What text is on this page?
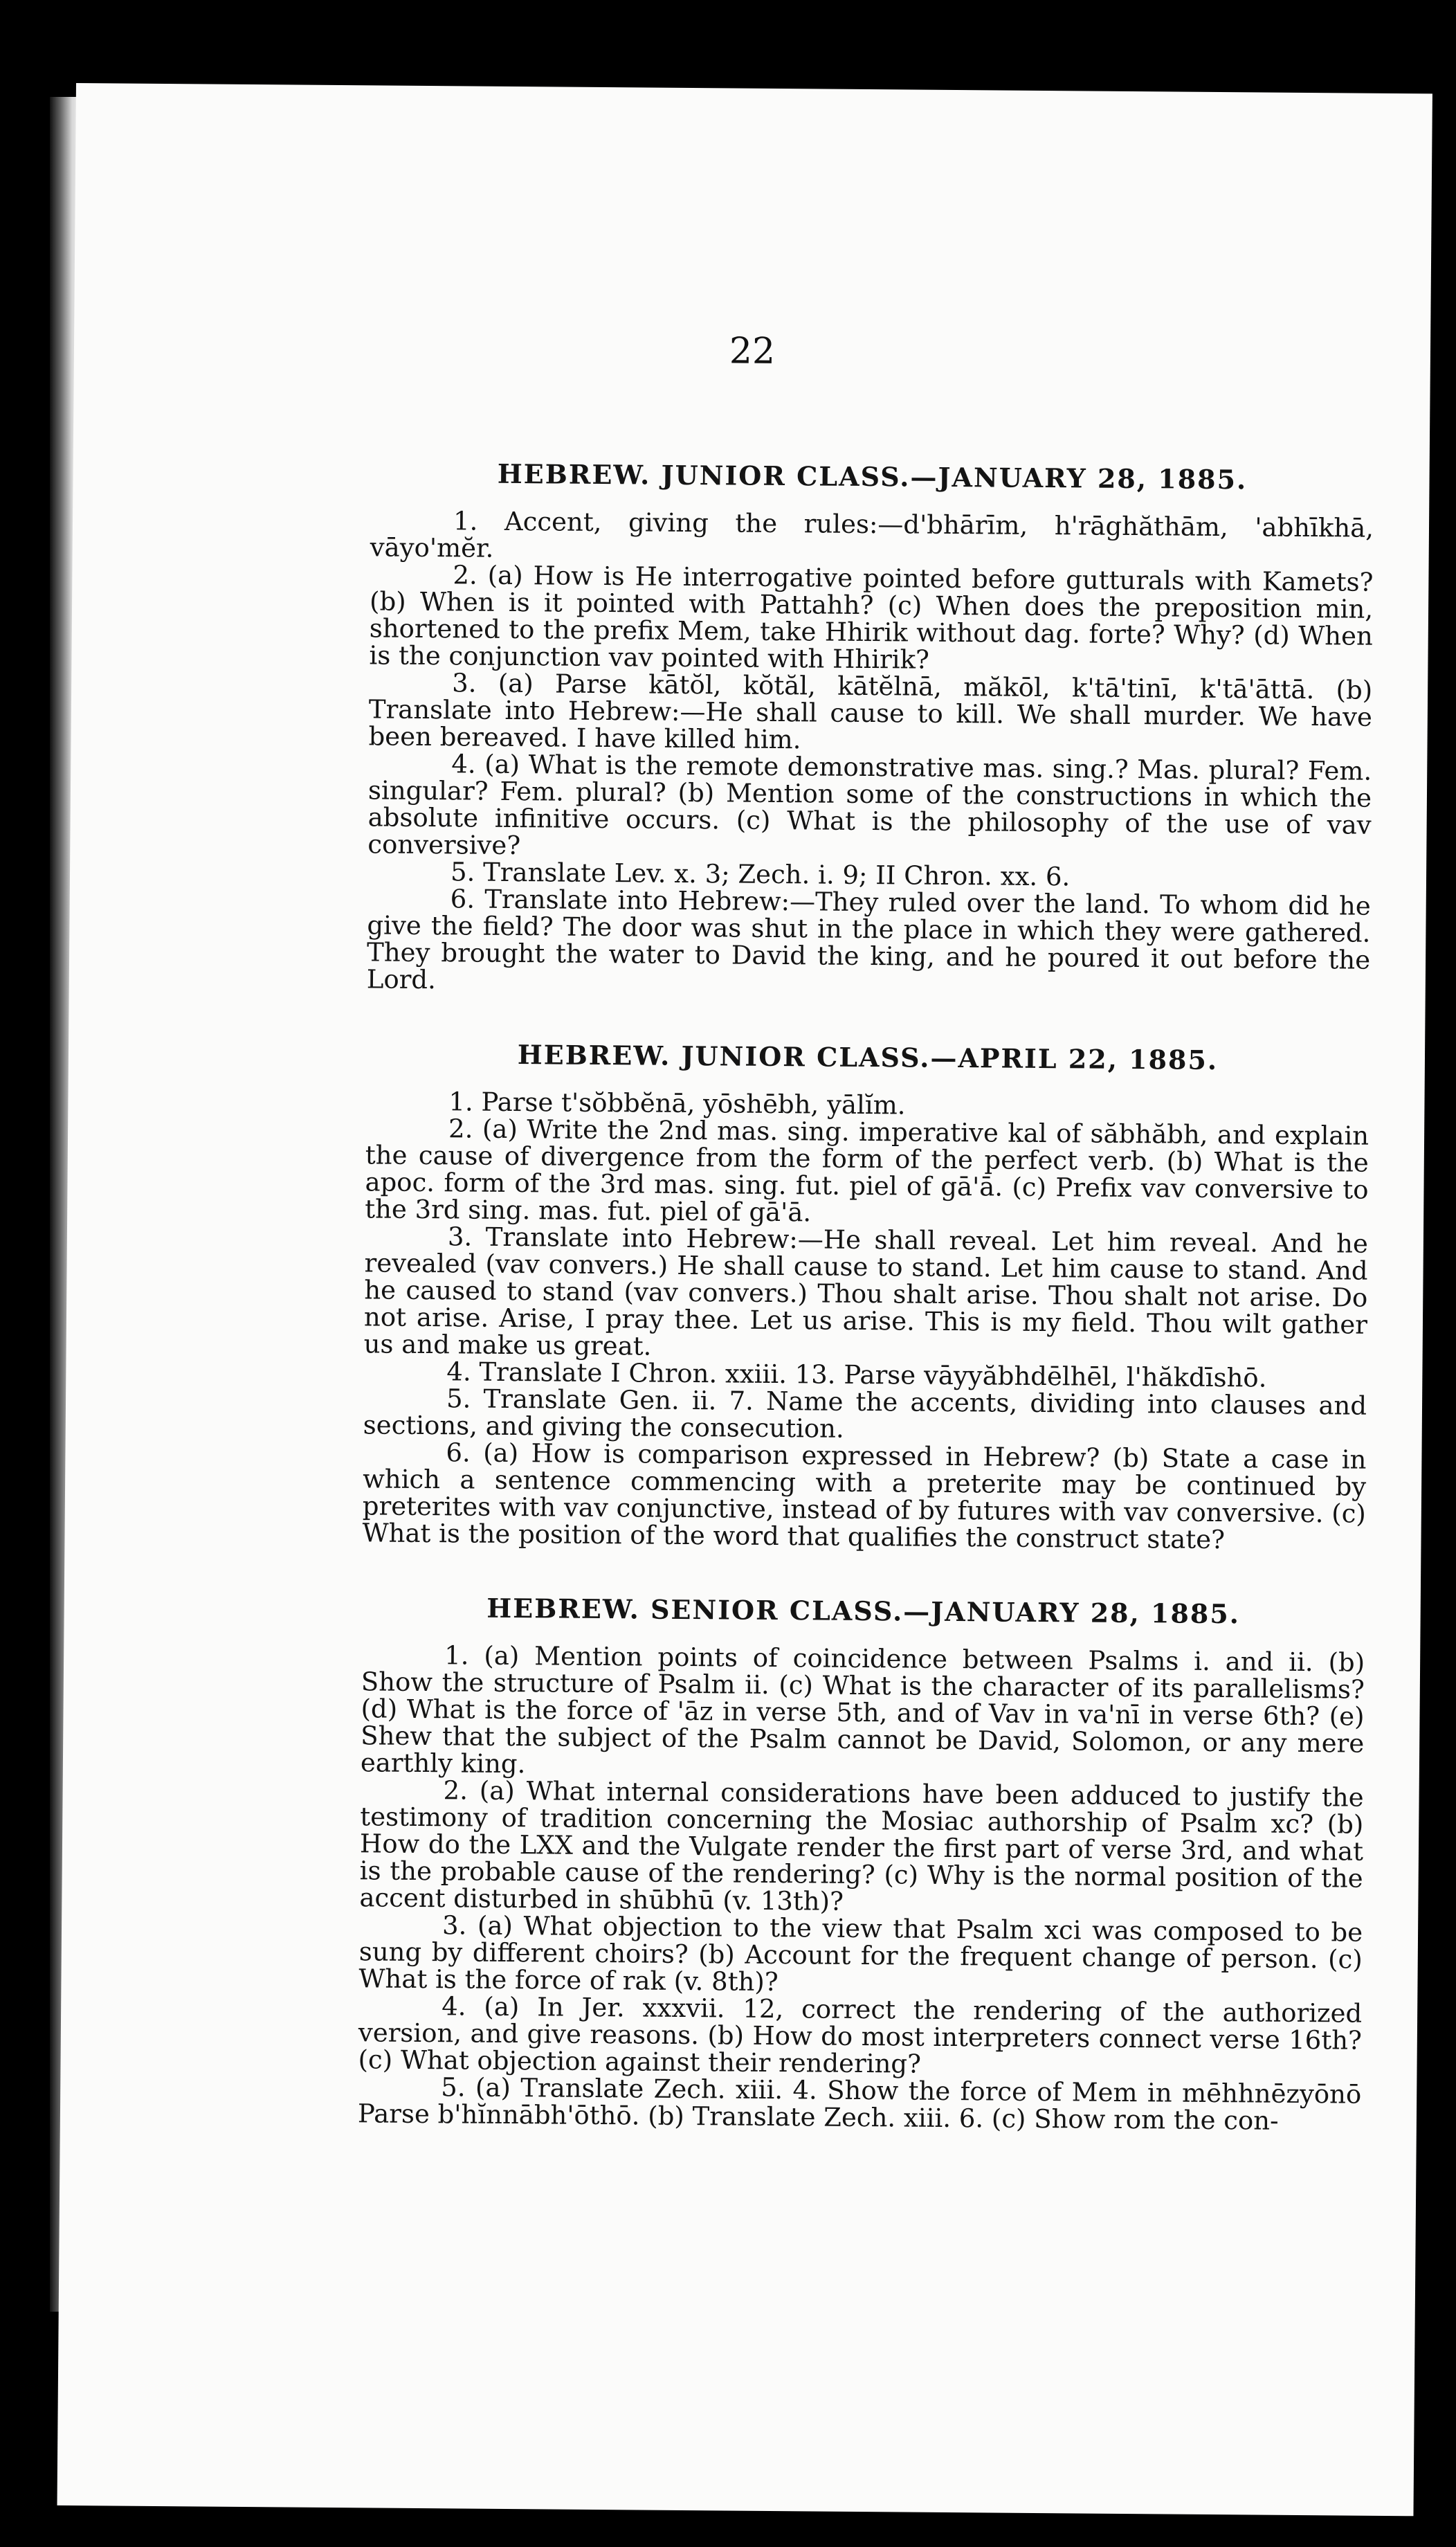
22
HEBREW. JUNIOR CLASS.—JANUARY 28, 1885.

1. Accent, giving the rules:—d'bhārīm, h'rāghăthām, 'abhīkhā, vāyo'mĕr.

2. (a) How is He interrogative pointed before gutturals with Kamets? (b) When is it pointed with Pattahh? (c) When does the preposition min, shortened to the prefix Mem, take Hhirik without dag. forte? Why? (d) When is the conjunction vav pointed with Hhirik?

3. (a) Parse kātŏl, kŏtăl, kātĕlnā, măkōl, k'tā'tinī, k'tā'āttā. (b) Translate into Hebrew:—He shall cause to kill. We shall murder. We have been bereaved. I have killed him.

4. (a) What is the remote demonstrative mas. sing.? Mas. plural? Fem. singular? Fem. plural? (b) Mention some of the constructions in which the absolute infinitive occurs. (c) What is the philosophy of the use of vav conversive?

5. Translate Lev. x. 3; Zech. i. 9; II Chron. xx. 6.

6. Translate into Hebrew:—They ruled over the land. To whom did he give the field? The door was shut in the place in which they were gathered. They brought the water to David the king, and he poured it out before the Lord.

HEBREW. JUNIOR CLASS.—APRIL 22, 1885.

1. Parse t'sŏbbĕnā, yōshēbh, yālĭm.

2. (a) Write the 2nd mas. sing. imperative kal of săbhăbh, and explain the cause of divergence from the form of the perfect verb. (b) What is the apoc. form of the 3rd mas. sing. fut. piel of gā'ā. (c) Prefix vav conversive to the 3rd sing. mas. fut. piel of gā'ā.

3. Translate into Hebrew:—He shall reveal. Let him reveal. And he revealed (vav convers.) He shall cause to stand. Let him cause to stand. And he caused to stand (vav convers.) Thou shalt arise. Thou shalt not arise. Do not arise. Arise, I pray thee. Let us arise. This is my field. Thou wilt gather us and make us great.

4. Translate I Chron. xxiii. 13. Parse vāyyăbhdēlhēl, l'hăkdīshō.

5. Translate Gen. ii. 7. Name the accents, dividing into clauses and sections, and giving the consecution.

6. (a) How is comparison expressed in Hebrew? (b) State a case in which a sentence commencing with a preterite may be continued by preterites with vav conjunctive, instead of by futures with vav conversive. (c) What is the position of the word that qualifies the construct state?

HEBREW. SENIOR CLASS.—JANUARY 28, 1885.

1. (a) Mention points of coincidence between Psalms i. and ii. (b) Show the structure of Psalm ii. (c) What is the character of its parallelisms? (d) What is the force of 'āz in verse 5th, and of Vav in va'nī in verse 6th? (e) Shew that the subject of the Psalm cannot be David, Solomon, or any mere earthly king.

2. (a) What internal considerations have been adduced to justify the testimony of tradition concerning the Mosiac authorship of Psalm xc? (b) How do the LXX and the Vulgate render the first part of verse 3rd, and what is the probable cause of the rendering? (c) Why is the normal position of the accent disturbed in shūbhū (v. 13th)?

3. (a) What objection to the view that Psalm xci was composed to be sung by different choirs? (b) Account for the frequent change of person. (c) What is the force of rak (v. 8th)?

4. (a) In Jer. xxxvii. 12, correct the rendering of the authorized version, and give reasons. (b) How do most interpreters connect verse 16th? (c) What objection against their rendering?

5. (a) Translate Zech. xiii. 4. Show the force of Mem in mēhhnēzyōnō Parse b'hĭnnābh'ōthō. (b) Translate Zech. xiii. 6. (c) Show rom the con-
